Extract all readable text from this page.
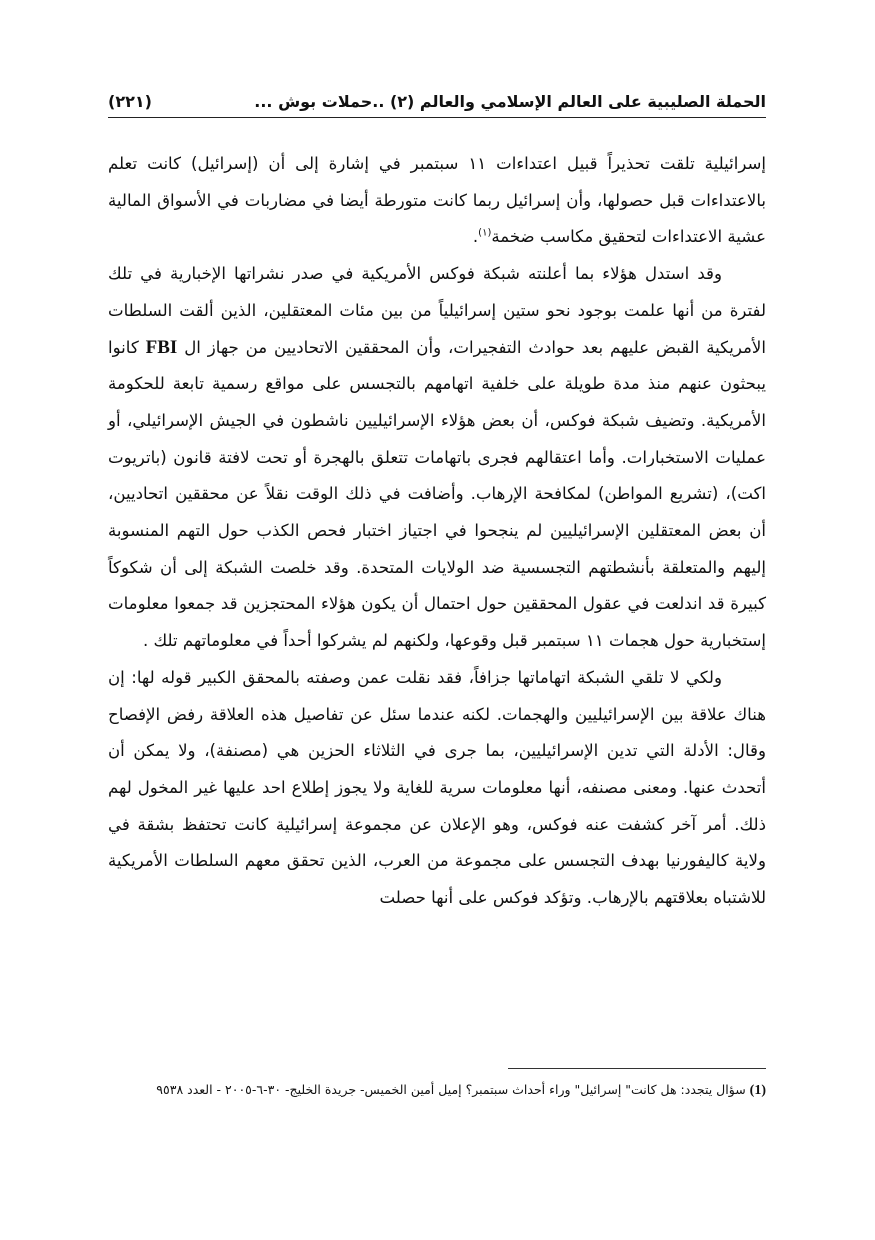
الحملة الصليبية على العالم الإسلامي والعالم (٢) ..حملات بوش ...
(٢٢١)

إسرائيلية تلقت تحذيراً قبيل اعتداءات ١١ سبتمبر في إشارة إلى أن (إسرائيل) كانت تعلم بالاعتداءات قبل حصولها، وأن إسرائيل ربما كانت متورطة أيضا في مضاربات في الأسواق المالية عشية الاعتداءات لتحقيق مكاسب ضخمة$^{(١)}$.

وقد استدل هؤلاء بما أعلنته شبكة فوكس الأمريكية في صدر نشراتها الإخبارية في تلك لفترة من أنها علمت بوجود نحو ستين إسرائيلياً من بين مئات المعتقلين، الذين ألقت السلطات الأمريكية القبض عليهم بعد حوادث التفجيرات، وأن المحققين الاتحاديين من جهاز ال FBI كانوا يبحثون عنهم منذ مدة طويلة على خلفية اتهامهم بالتجسس على مواقع رسمية تابعة للحكومة الأمريكية. وتضيف شبكة فوكس، أن بعض هؤلاء الإسرائيليين ناشطون في الجيش الإسرائيلي، أو عمليات الاستخبارات. وأما اعتقالهم فجرى باتهامات تتعلق بالهجرة أو تحت لافتة قانون (باتريوت اكت)، (تشريع المواطن) لمكافحة الإرهاب. وأضافت في ذلك الوقت نقلاً عن محققين اتحاديين، أن بعض المعتقلين الإسرائيليين لم ينجحوا في اجتياز اختبار فحص الكذب حول التهم المنسوبة إليهم والمتعلقة بأنشطتهم التجسسية ضد الولايات المتحدة. وقد خلصت الشبكة إلى أن شكوكاً كبيرة قد اندلعت في عقول المحققين حول احتمال أن يكون هؤلاء المحتجزين قد جمعوا معلومات إستخبارية حول هجمات ١١ سبتمبر قبل وقوعها، ولكنهم لم يشركوا أحداً في معلوماتهم تلك .

ولكي لا تلقي الشبكة اتهاماتها جزافاً، فقد نقلت عمن وصفته بالمحقق الكبير قوله لها: إن هناك علاقة بين الإسرائيليين والهجمات. لكنه عندما سئل عن تفاصيل هذه العلاقة رفض الإفصاح وقال: الأدلة التي تدين الإسرائيليين، بما جرى في الثلاثاء الحزين هي (مصنفة)، ولا يمكن أن أتحدث عنها. ومعنى مصنفه، أنها معلومات سرية للغاية ولا يجوز إطلاع احد عليها غير المخول لهم ذلك. أمر آخر كشفت عنه فوكس، وهو الإعلان عن مجموعة إسرائيلية كانت تحتفظ بشقة في ولاية كاليفورنيا بهدف التجسس على مجموعة من العرب، الذين تحقق معهم السلطات الأمريكية للاشتباه بعلاقتهم بالإرهاب. وتؤكد فوكس على أنها حصلت

(1) سؤال يتجدد: هل كانت" إسرائيل" وراء أحداث سبتمبر؟ إميل أمين الخميس- جريدة الخليج- ٣٠-٦-٢٠٠٥ - العدد ٩٥٣٨
